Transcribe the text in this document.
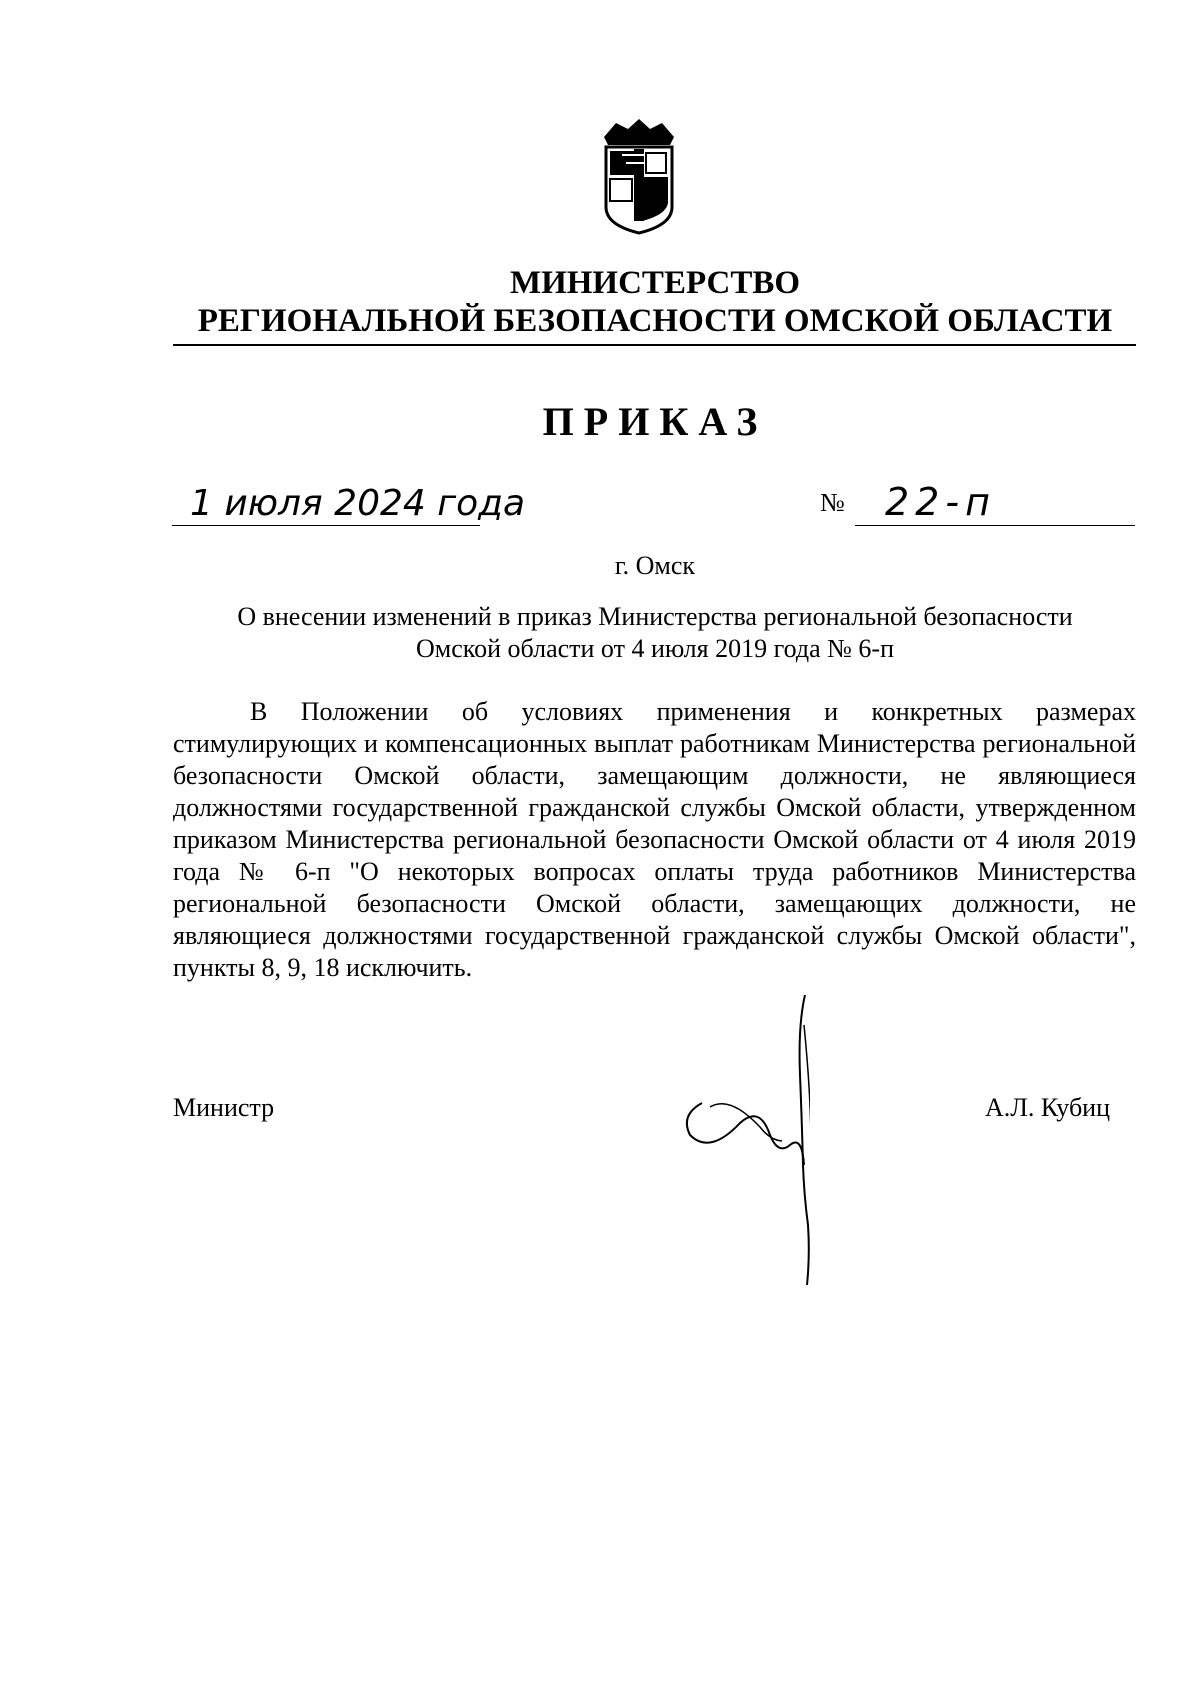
МИНИСТЕРСТВО
РЕГИОНАЛЬНОЙ БЕЗОПАСНОСТИ ОМСКОЙ ОБЛАСТИ
ПРИКАЗ
1 июля 2024 года	№ 22-п
г. Омск
О внесении изменений в приказ Министерства региональной безопасности
Омской области от 4 июля 2019 года № 6-п
В Положении об условиях применения и конкретных размерах стимулирующих и компенсационных выплат работникам Министерства региональной безопасности Омской области, замещающим должности, не являющиеся должностями государственной гражданской службы Омской области, утвержденном приказом Министерства региональной безопасности Омской области от 4 июля 2019 года № 6-п "О некоторых вопросах оплаты труда работников Министерства региональной безопасности Омской области, замещающих должности, не являющиеся должностями государственной гражданской службы Омской области", пункты 8, 9, 18 исключить.
Министр	А.Л. Кубиц
